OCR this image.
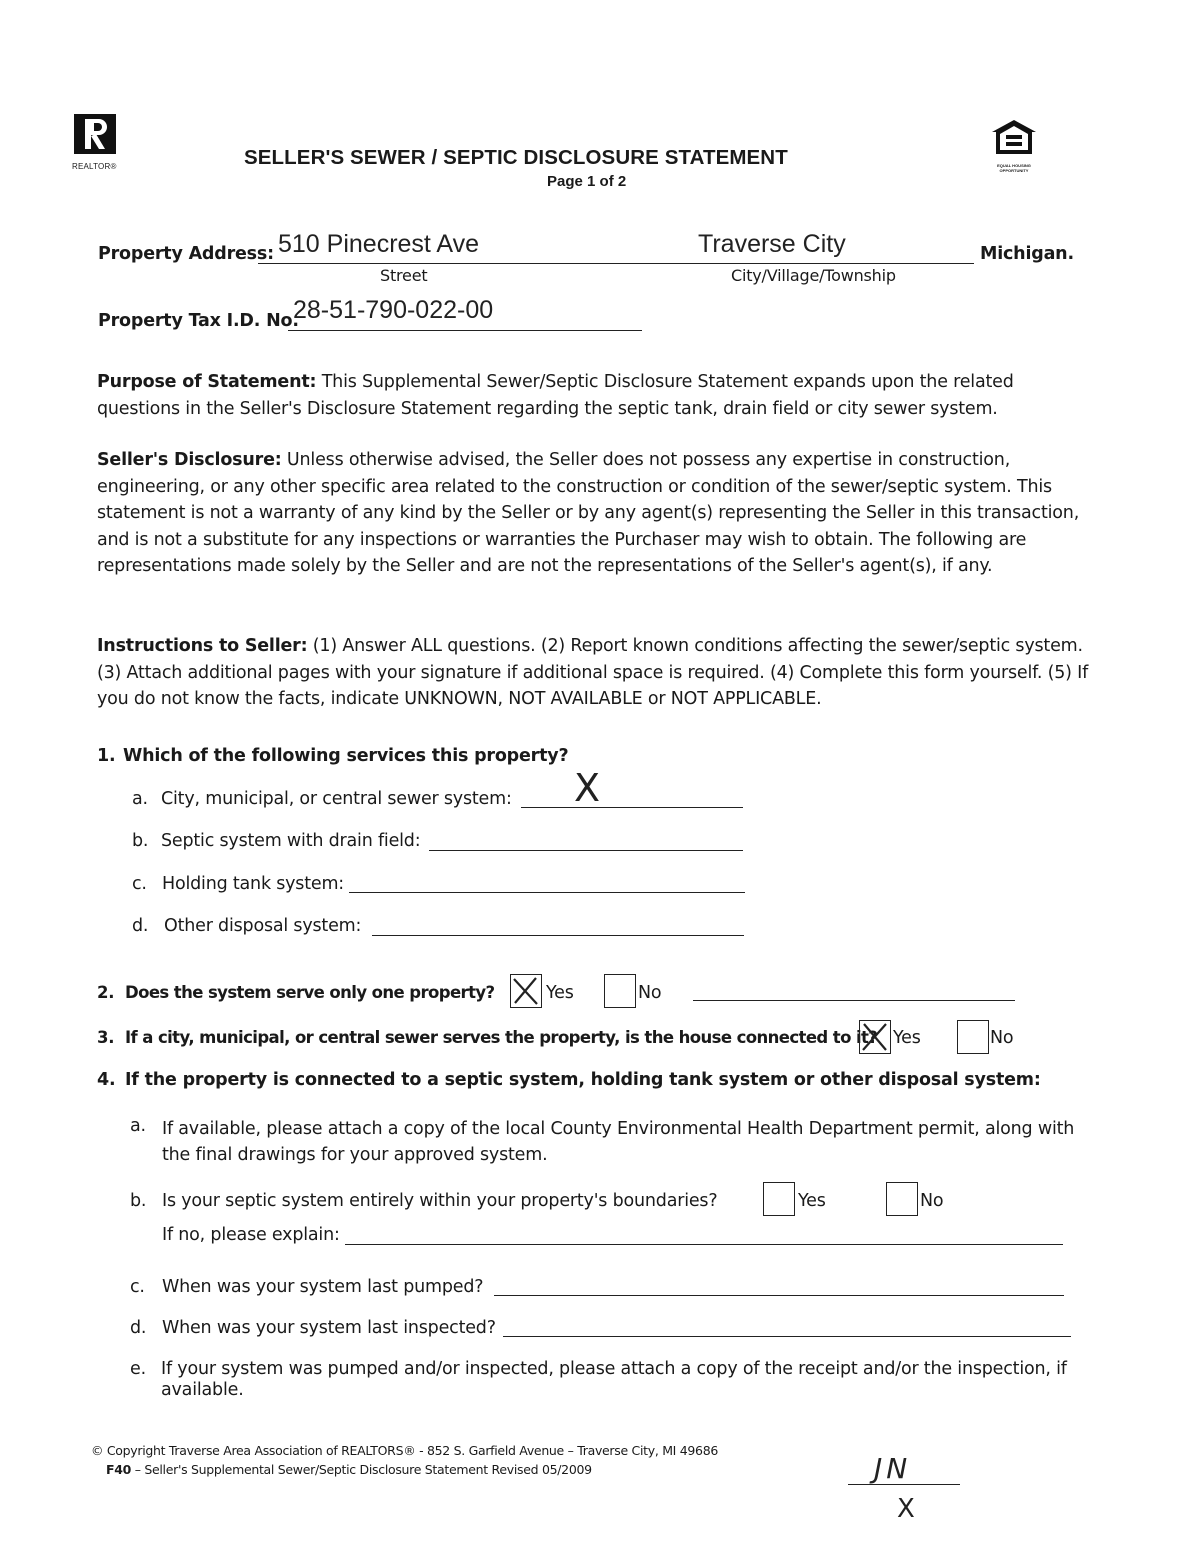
REALTOR®	SELLER'S SEWER / SEPTIC DISCLOSURE STATEMENT
Page 1 of 2
EQUAL HOUSING OPPORTUNITY
Property Address: 510 Pinecrest Ave	Traverse City	Michigan.
Street	City/Village/Township
Property Tax I.D. No.
28-51-790-022-00
Purpose of Statement: This Supplemental Sewer/Septic Disclosure Statement expands upon the related questions in the Seller's Disclosure Statement regarding the septic tank, drain field or city sewer system.
Seller's Disclosure: Unless otherwise advised, the Seller does not possess any expertise in construction, engineering, or any other specific area related to the construction or condition of the sewer/septic system. This statement is not a warranty of any kind by the Seller or by any agent(s) representing the Seller in this transaction, and is not a substitute for any inspections or warranties the Purchaser may wish to obtain. The following are representations made solely by the Seller and are not the representations of the Seller's agent(s), if any.
Instructions to Seller: (1) Answer ALL questions. (2) Report known conditions affecting the sewer/septic system. (3) Attach additional pages with your signature if additional space is required. (4) Complete this form yourself. (5) If you do not know the facts, indicate UNKNOWN, NOT AVAILABLE or NOT APPLICABLE.
1. Which of the following services this property?
a. City, municipal, or central sewer system: X
b. Septic system with drain field:
c. Holding tank system:
d. Other disposal system:
2. Does the system serve only one property?	Yes	No
3. If a city, municipal, or central sewer serves the property, is the house connected to it? Yes	No
4. If the property is connected to a septic system, holding tank system or other disposal system:
a. If available, please attach a copy of the local County Environmental Health Department permit, along with the final drawings for your approved system.
b. Is your septic system entirely within your property's boundaries?	Yes	No
If no, please explain:
c. When was your system last pumped?
d. When was your system last inspected?
e. If your system was pumped and/or inspected, please attach a copy of the receipt and/or the inspection, if available.
© Copyright Traverse Area Association of REALTORS® - 852 S. Garfield Avenue – Traverse City, MI 49686
F40 – Seller's Supplemental Sewer/Septic Disclosure Statement Revised 05/2009	JN
X
